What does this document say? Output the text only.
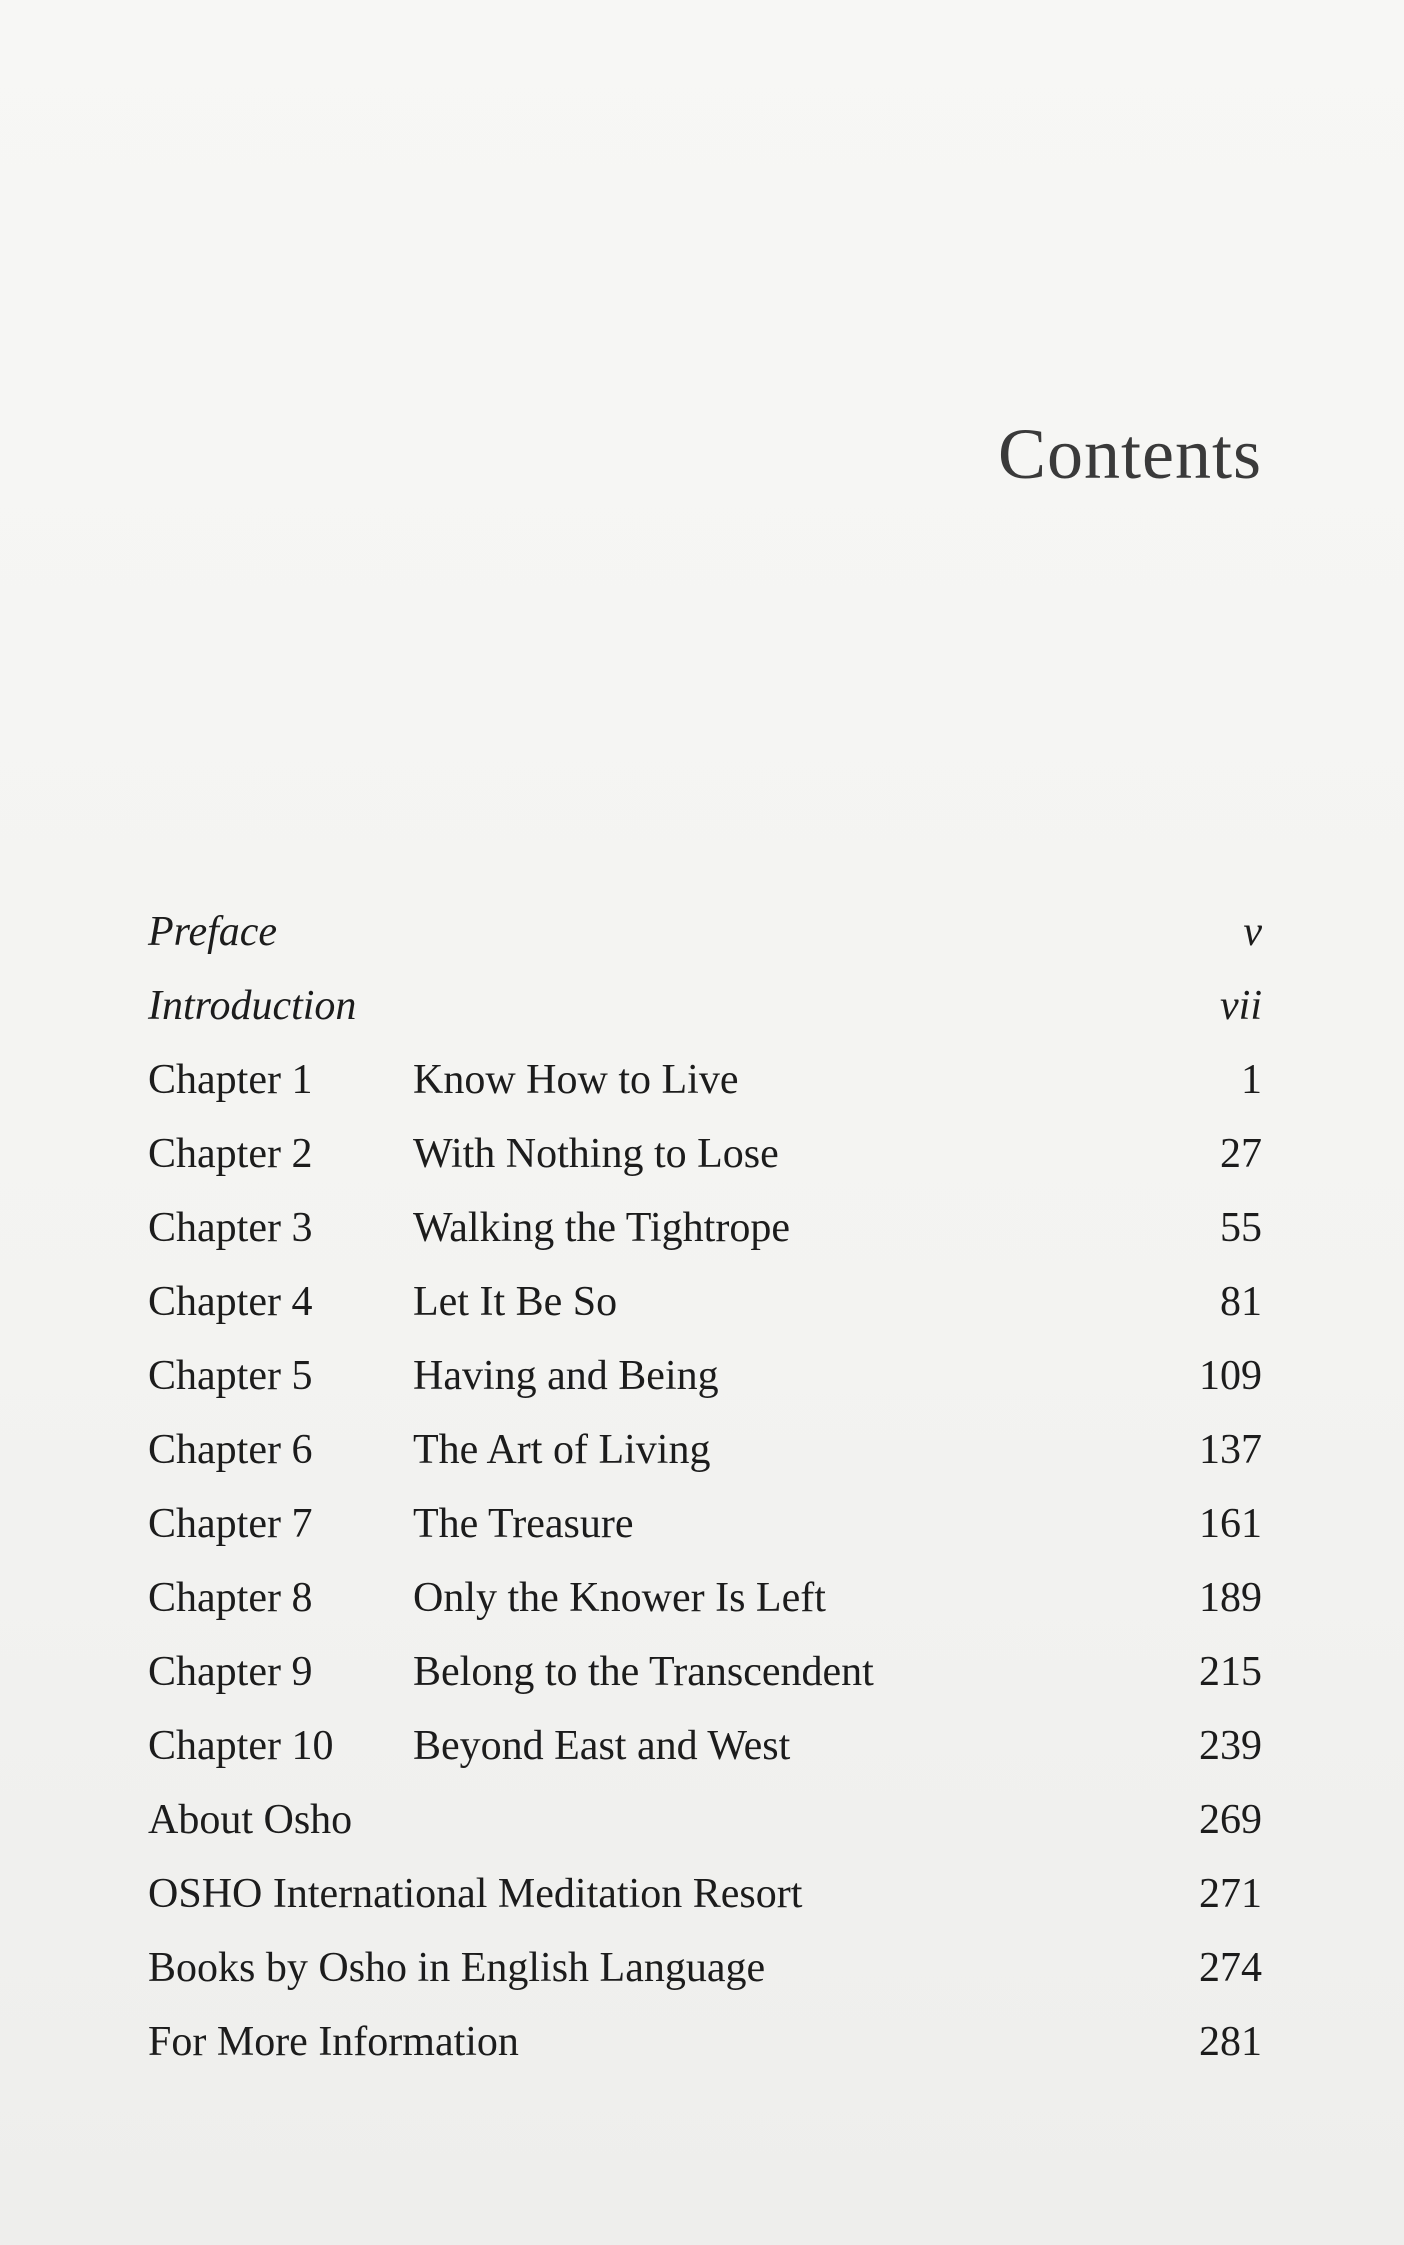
Contents
Preface	v
Introduction	vii
Chapter 1 Know How to Live	1
Chapter 2 With Nothing to Lose	27
Chapter 3 Walking the Tightrope	55
Chapter 4 Let It Be So	81
Chapter 5 Having and Being	109
Chapter 6 The Art of Living	137
Chapter 7 The Treasure	161
Chapter 8 Only the Knower Is Left	189
Chapter 9 Belong to the Transcendent	215
Chapter 10 Beyond East and West	239
About Osho	269
OSHO International Meditation Resort	271
Books by Osho in English Language	274
For More Information	281
